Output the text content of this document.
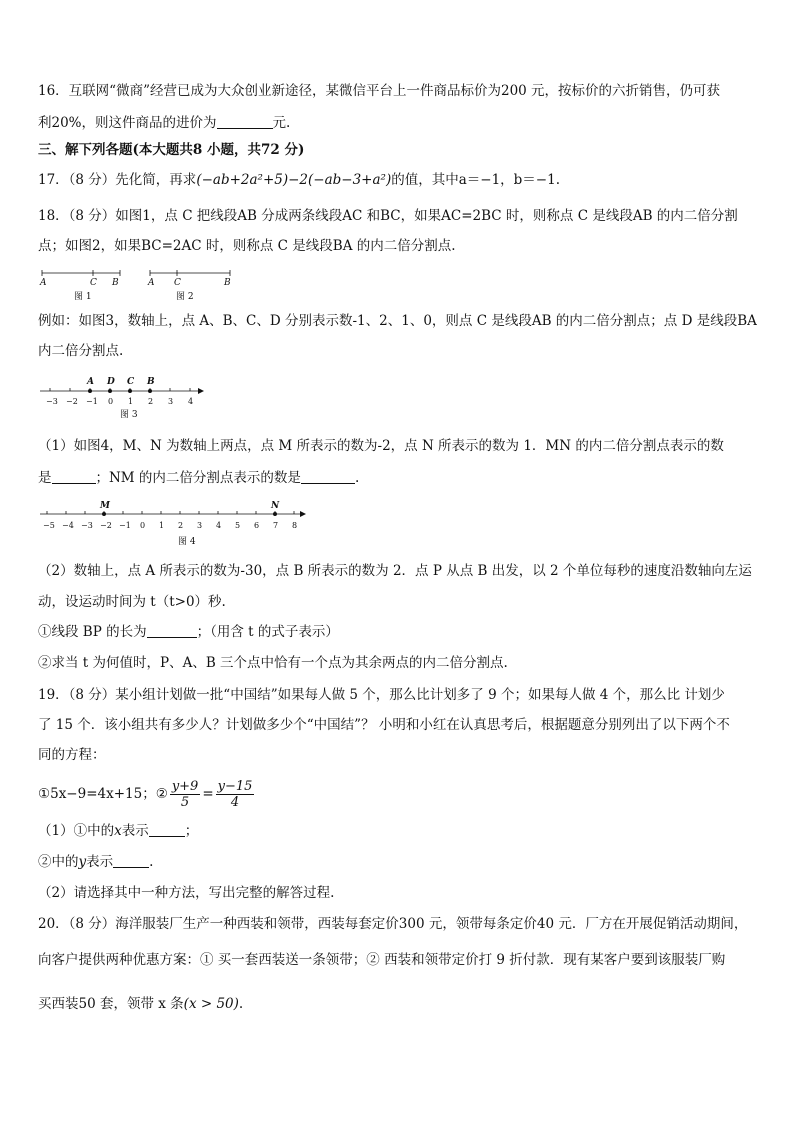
16．互联网“微商”经营已成为大众创业新途径，某微信平台上一件商品标价为200 元，按标价的六折销售，仍可获
利20%，则这件商品的进价为	元.
三、解下列各题(本大题共8 小题，共72 分)
17．（8 分）先化简，再求(−ab+2a²+5)−2(−ab−3+a²)的值，其中a＝−1，b＝−1.
18．（8 分）如图1，点 C 把线段AB 分成两条线段AC 和BC，如果AC=2BC 时，则称点 C 是线段AB 的内二倍分割
点；如图2，如果BC=2AC 时，则称点 C 是线段BA 的内二倍分割点.
A	C B
图 1
A C	B
图 2
例如：如图3，数轴上，点 A、B、C、D 分别表示数-1、2、1、0，则点 C 是线段AB 的内二倍分割点；点 D 是线段BA
内二倍分割点.
−3 −2 −1 0 1 2 3 4
A D C B
图 3
（1）如图4，M、N 为数轴上两点，点 M 所表示的数为-2，点 N 所表示的数为 1．MN 的内二倍分割点表示的数
是	；NM 的内二倍分割点表示的数是	.
−5 −4 −3 −2 −1 0 1 2 3 4 5 6 7 8
M	N
图 4
（2）数轴上，点 A 所表示的数为-30，点 B 所表示的数为 2．点 P 从点 B 出发，以 2 个单位每秒的速度沿数轴向左运
动，设运动时间为 t（t>0）秒.
①线段 BP 的长为	；（用含 t 的式子表示）
②求当 t 为何值时，P、A、B 三个点中恰有一个点为其余两点的内二倍分割点.
19．（8 分）某小组计划做一批“中国结”如果每人做 5 个，那么比计划多了 9 个；如果每人做 4 个，那么比 计划少
了 15 个．该小组共有多少人？计划做多少个“中国结”？ 小明和小红在认真思考后，根据题意分别列出了以下两个不
同的方程：
①5x−9=4x+15；② $\frac{y+9}{5} = \frac{y-15}{4}$
（1）①中的x表示	；
②中的y表示	.
（2）请选择其中一种方法，写出完整的解答过程.
20．（8 分）海洋服装厂生产一种西装和领带，西装每套定价300 元，领带每条定价40 元．厂方在开展促销活动期间，
向客户提供两种优惠方案：① 买一套西装送一条领带；② 西装和领带定价打 9 折付款．现有某客户要到该服装厂购
买西装50 套，领带 x 条(x > 50).
